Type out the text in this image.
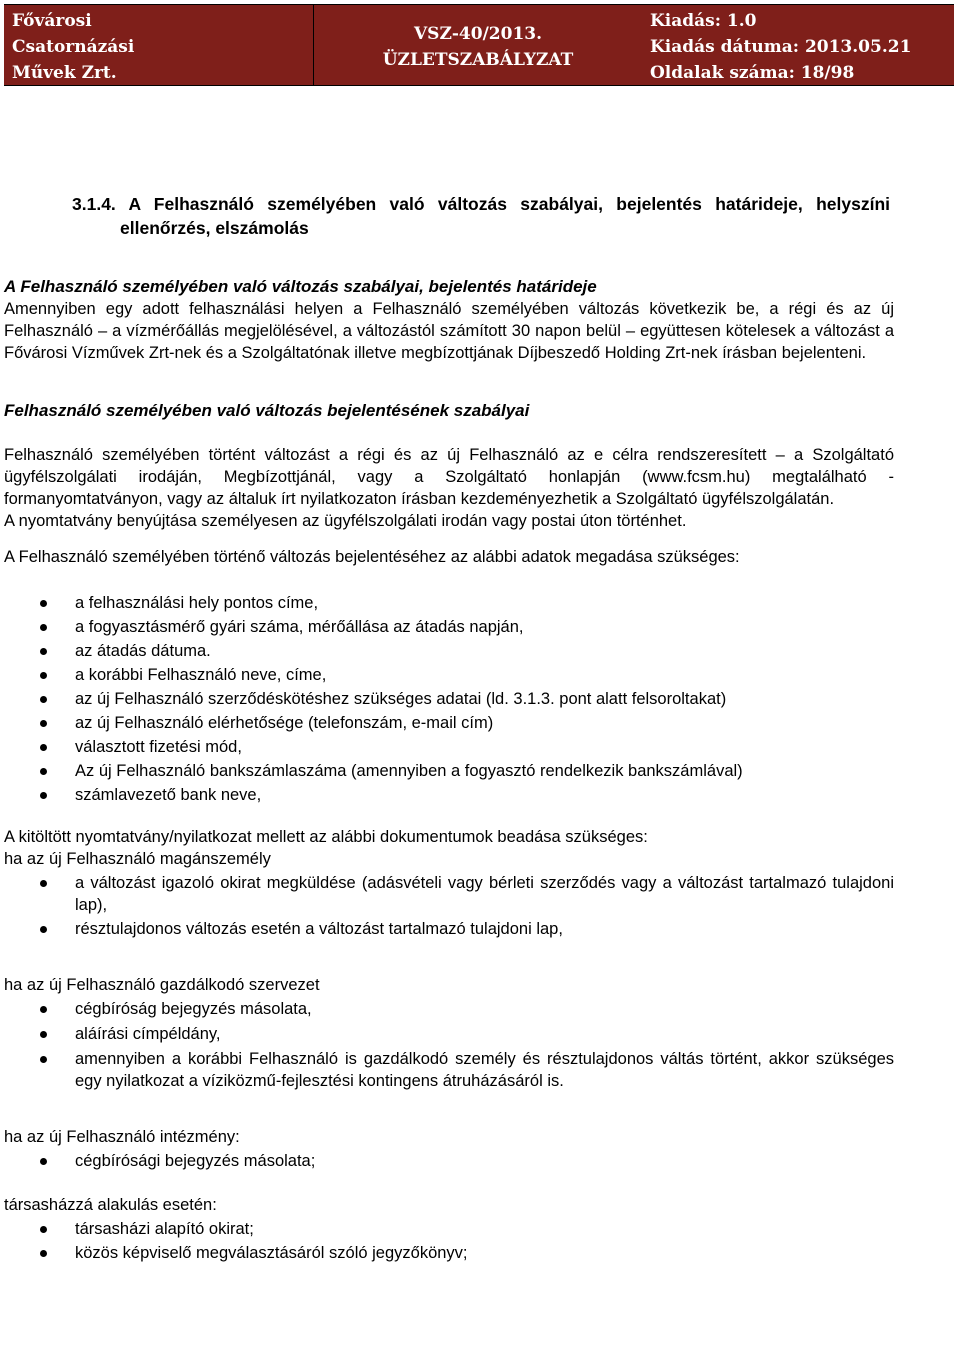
Fővárosi
Csatornázási
Művek Zrt.
VSZ-40/2013.
ÜZLETSZABÁLYZAT
Kiadás: 1.0
Kiadás dátuma: 2013.05.21
Oldalak száma: 18/98
3.1.4. A Felhasználó személyében való változás szabályai, bejelentés határideje, helyszíni ellenőrzés, elszámolás

A Felhasználó személyében való változás szabályai, bejelentés határideje

Amennyiben egy adott felhasználási helyen a Felhasználó személyében változás következik be, a régi és az új Felhasználó – a vízmérőállás megjelölésével, a változástól számított 30 napon belül – együttesen kötelesek a változást a Fővárosi Vízművek Zrt-nek és a Szolgáltatónak illetve megbízottjának Díjbeszedő Holding Zrt-nek írásban bejelenteni.

Felhasználó személyében való változás bejelentésének szabályai

Felhasználó személyében történt változást a régi és az új Felhasználó az e célra rendszeresített – a Szolgáltató ügyfélszolgálati irodáján, Megbízottjánál, vagy a Szolgáltató honlapján (www.fcsm.hu) megtalálható - formanyomtatványon, vagy az általuk írt nyilatkozaton írásban kezdeményezhetik a Szolgáltató ügyfélszolgálatán.

A nyomtatvány benyújtása személyesen az ügyfélszolgálati irodán vagy postai úton történhet.

A Felhasználó személyében történő változás bejelentéséhez az alábbi adatok megadása szükséges:

a felhasználási hely pontos címe,
a fogyasztásmérő gyári száma, mérőállása az átadás napján,
az átadás dátuma.
a korábbi Felhasználó neve, címe,
az új Felhasználó szerződéskötéshez szükséges adatai (ld. 3.1.3. pont alatt felsoroltakat)
az új Felhasználó elérhetősége (telefonszám, e-mail cím)
választott fizetési mód,
Az új Felhasználó bankszámlaszáma (amennyiben a fogyasztó rendelkezik bankszámlával)
számlavezető bank neve,

A kitöltött nyomtatvány/nyilatkozat mellett az alábbi dokumentumok beadása szükséges:

ha az új Felhasználó magánszemély

a változást igazoló okirat megküldése (adásvételi vagy bérleti szerződés vagy a változást tartalmazó tulajdoni lap),
résztulajdonos változás esetén a változást tartalmazó tulajdoni lap,

ha az új Felhasználó gazdálkodó szervezet

cégbíróság bejegyzés másolata,
aláírási címpéldány,
amennyiben a korábbi Felhasználó is gazdálkodó személy és résztulajdonos váltás történt, akkor szükséges egy nyilatkozat a víziközmű-fejlesztési kontingens átruházásáról is.

ha az új Felhasználó intézmény:

cégbírósági bejegyzés másolata;

társasházzá alakulás esetén:

társasházi alapító okirat;
közös képviselő megválasztásáról szóló jegyzőkönyv;
